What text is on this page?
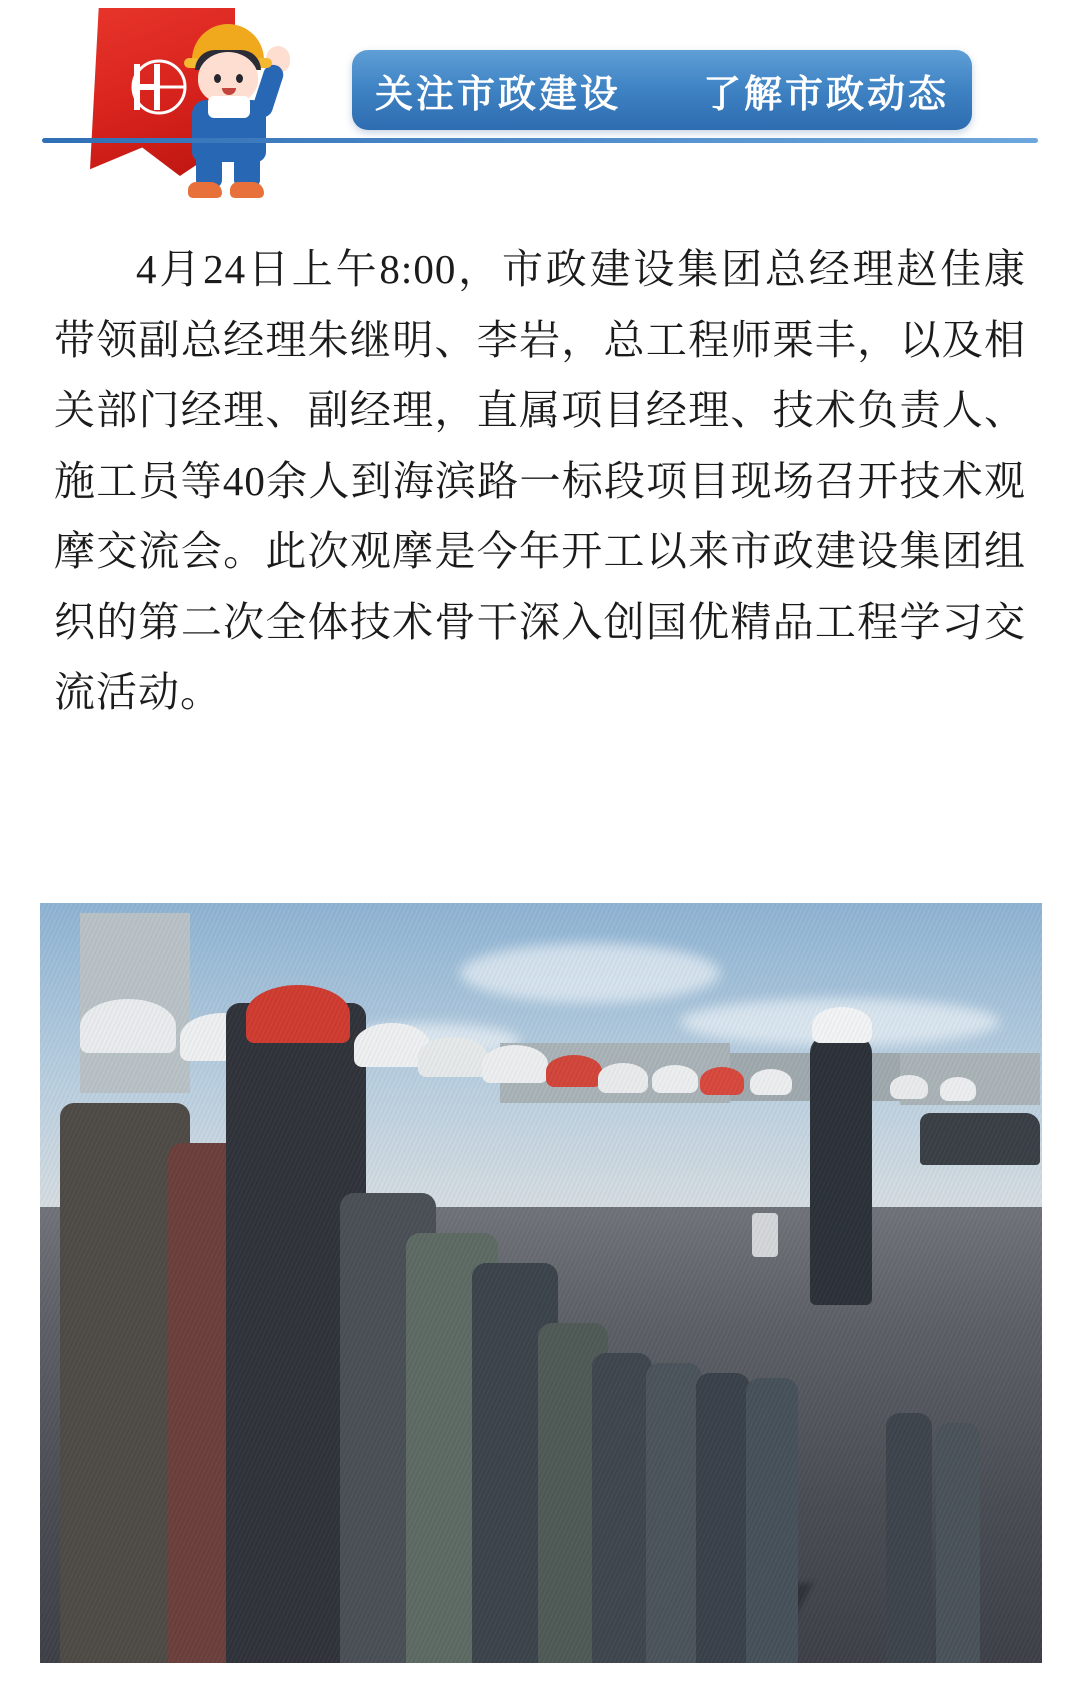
关注市政建设　　了解市政动态

4月24日上午8:00，市政建设集团总经理赵佳康带领副总经理朱继明、李岩，总工程师栗丰，以及相关部门经理、副经理，直属项目经理、技术负责人、施工员等40余人到海滨路一标段项目现场召开技术观摩交流会。此次观摩是今年开工以来市政建设集团组织的第二次全体技术骨干深入创国优精品工程学习交流活动。
